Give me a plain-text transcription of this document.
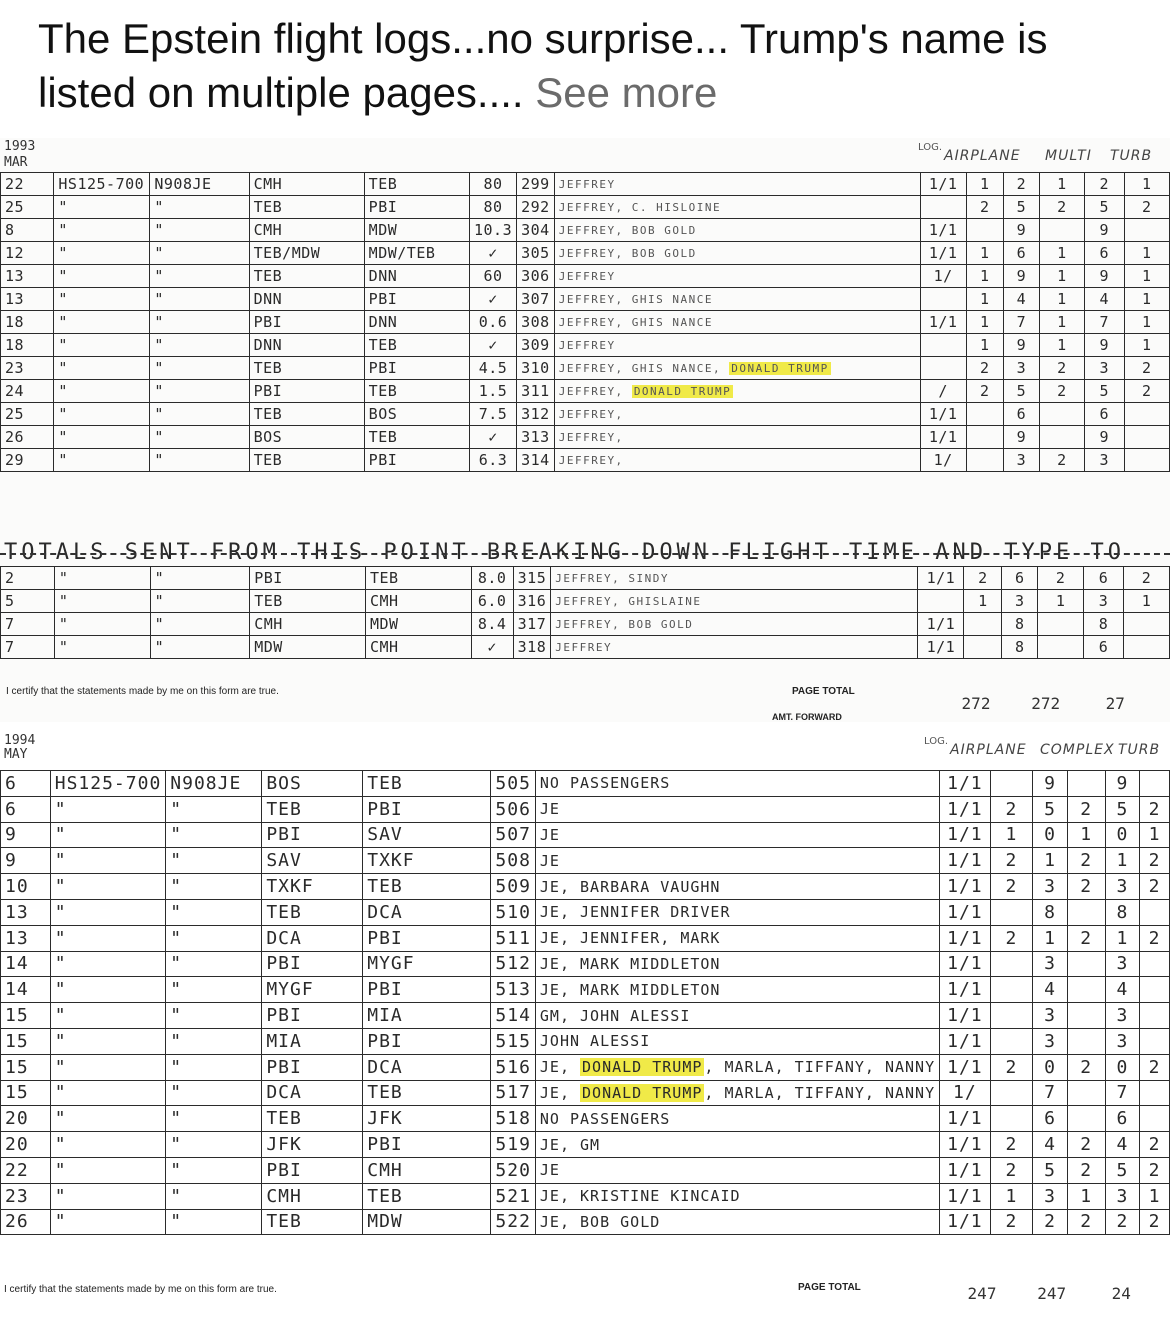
The Epstein flight logs...no surprise... Trump's name is listed on multiple pages.... See more
1993
MAR
LOG.
AIRPLANE MULTI TURB
22	HS125-700	N908JE	CMH	TEB	80	299	JEFFREY	1/1	1	2	1	2	1
25	"	"	TEB	PBI	80	292	JEFFREY, C. HISLOINE		2	5	2	5	2
8	"	"	CMH	MDW	10.3	304	JEFFREY, BOB GOLD	1/1		9		9	
12	"	"	TEB/MDW	MDW/TEB	✓	305	JEFFREY, BOB GOLD	1/1	1	6	1	6	1
13	"	"	TEB	DNN	60	306	JEFFREY	1/	1	9	1	9	1
13	"	"	DNN	PBI	✓	307	JEFFREY, GHIS NANCE		1	4	1	4	1
18	"	"	PBI	DNN	0.6	308	JEFFREY, GHIS NANCE	1/1	1	7	1	7	1
18	"	"	DNN	TEB	✓	309	JEFFREY		1	9	1	9	1
23	"	"	TEB	PBI	4.5	310	JEFFREY, GHIS NANCE, DONALD TRUMP		2	3	2	3	2
24	"	"	PBI	TEB	1.5	311	JEFFREY, DONALD TRUMP	/	2	5	2	5	2
25	"	"	TEB	BOS	7.5	312	JEFFREY,	1/1		6		6	
26	"	"	BOS	TEB	✓	313	JEFFREY,	1/1		9		9	
29	"	"	TEB	PBI	6.3	314	JEFFREY,	1/		3	2	3	
TOTALS SENT FROM THIS POINT BREAKING DOWN FLIGHT TIME AND TYPE TO
2	"	"	PBI	TEB	8.0	315	JEFFREY, SINDY	1/1	2	6	2	6	2
5	"	"	TEB	CMH	6.0	316	JEFFREY, GHISLAINE		1	3	1	3	1
7	"	"	CMH	MDW	8.4	317	JEFFREY, BOB GOLD	1/1		8		8	
7	"	"	MDW	CMH	✓	318	JEFFREY	1/1		8		6	
I certify that the statements made by me on this form are true.	PAGE TOTAL
AMT. FORWARD
272	272	27
1994
MAY
LOG.
AIRPLANE COMPLEX TURB
6	HS125-700	N908JE	BOS	TEB	505	NO PASSENGERS	1/1		9		9	
6	"	"	TEB	PBI	506	JE	1/1	2	5	2	5	2
9	"	"	PBI	SAV	507	JE	1/1	1	0	1	0	1
9	"	"	SAV	TXKF	508	JE	1/1	2	1	2	1	2
10	"	"	TXKF	TEB	509	JE, BARBARA VAUGHN	1/1	2	3	2	3	2
13	"	"	TEB	DCA	510	JE, JENNIFER DRIVER	1/1		8		8	
13	"	"	DCA	PBI	511	JE, JENNIFER, MARK	1/1	2	1	2	1	2
14	"	"	PBI	MYGF	512	JE, MARK MIDDLETON	1/1		3		3	
14	"	"	MYGF	PBI	513	JE, MARK MIDDLETON	1/1		4		4	
15	"	"	PBI	MIA	514	GM, JOHN ALESSI	1/1		3		3	
15	"	"	MIA	PBI	515	JOHN ALESSI	1/1		3		3	
15	"	"	PBI	DCA	516	JE, DONALD TRUMP , MARLA, TIFFANY, NANNY	1/1	2	0	2	0	2
15	"	"	DCA	TEB	517	JE, DONALD TRUMP , MARLA, TIFFANY, NANNY	1/		7		7	
20	"	"	TEB	JFK	518	NO PASSENGERS	1/1		6		6	
20	"	"	JFK	PBI	519	JE, GM	1/1	2	4	2	4	2
22	"	"	PBI	CMH	520	JE	1/1	2	5	2	5	2
23	"	"	CMH	TEB	521	JE, KRISTINE KINCAID	1/1	1	3	1	3	1
26	"	"	TEB	MDW	522	JE, BOB GOLD	1/1	2	2	2	2	2
I certify that the statements made by me on this form are true.	PAGE TOTAL	247	247	24
